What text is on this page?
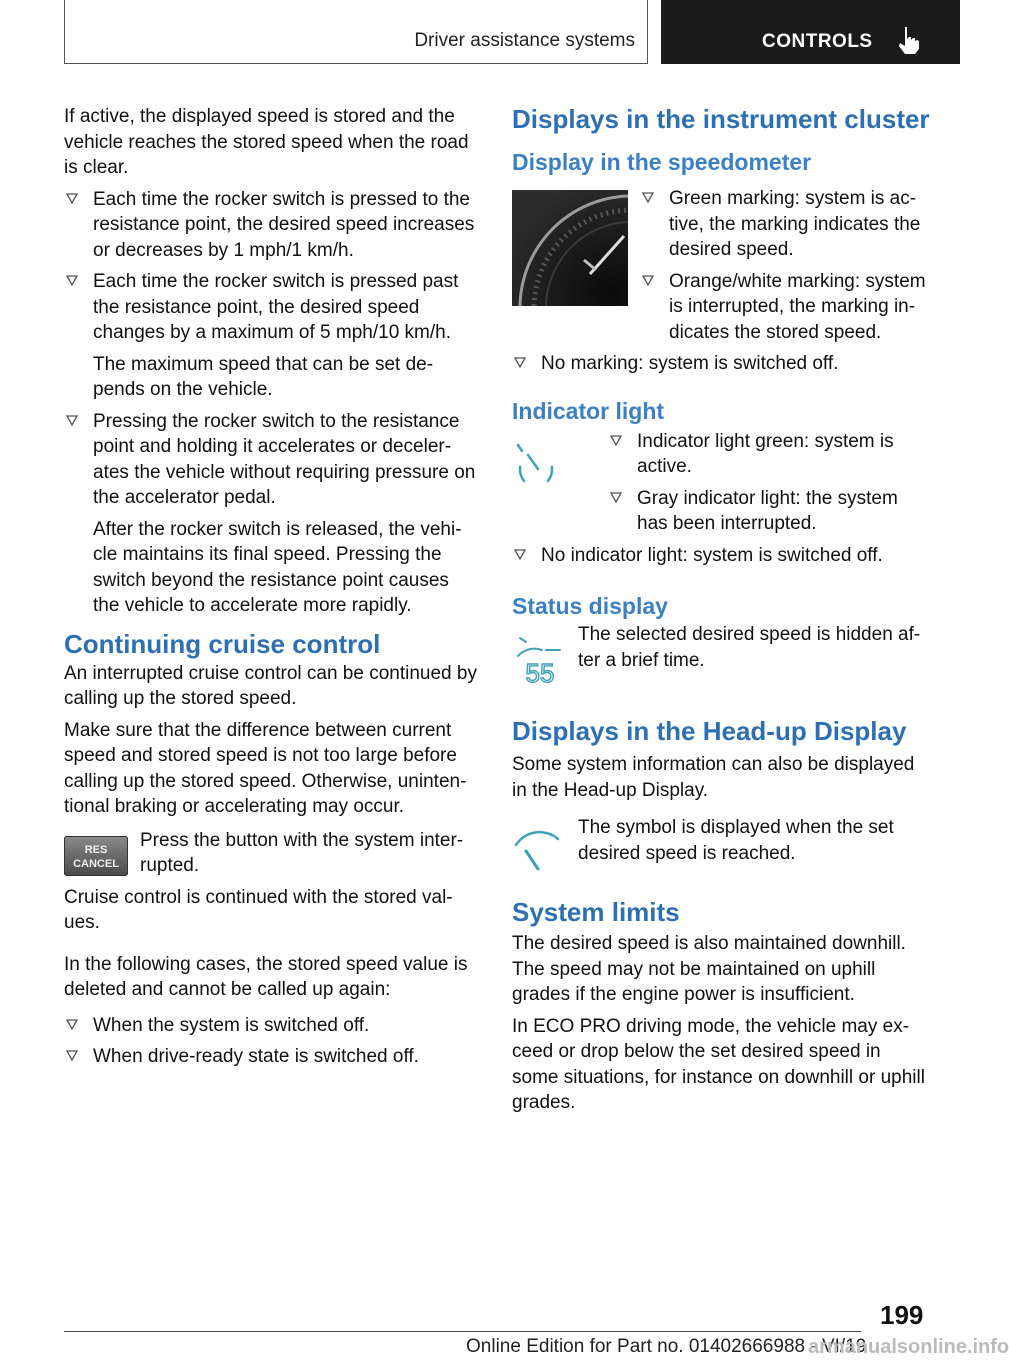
Driver assistance systems	CONTROLS

If active, the displayed speed is stored and the vehicle reaches the stored speed when the road is clear.

Each time the rocker switch is pressed to the resistance point, the desired speed increases or decreases by 1 mph/1 km/h.
Each time the rocker switch is pressed past the resistance point, the desired speed changes by a maximum of 5 mph/10 km/h.
The maximum speed that can be set de‐pends on the vehicle.
Pressing the rocker switch to the resistance point and holding it accelerates or deceler‐ates the vehicle without requiring pressure on the accelerator pedal.
After the rocker switch is released, the vehi‐cle maintains its final speed. Pressing the switch beyond the resistance point causes the vehicle to accelerate more rapidly.
Continuing cruise control

An interrupted cruise control can be continued by calling up the stored speed.

Make sure that the difference between current speed and stored speed is not too large before calling up the stored speed. Otherwise, uninten‐tional braking or accelerating may occur.

RES
CANCEL

Press the button with the system inter‐rupted.

Cruise control is continued with the stored val‐ues.

In the following cases, the stored speed value is deleted and cannot be called up again:

When the system is switched off.
When drive-ready state is switched off.
Displays in the instrument cluster
Display in the speedometer
Green marking: system is ac‐tive, the marking indicates the desired speed.
Orange/white marking: system is interrupted, the marking in‐dicates the stored speed.
No marking: system is switched off.
Indicator light
Indicator light green: system is active.
Gray indicator light: the system has been interrupted.
No indicator light: system is switched off.
Status display
55

The selected desired speed is hidden af‐ter a brief time.

Displays in the Head-up Display

Some system information can also be displayed in the Head-up Display.

The symbol is displayed when the set desired speed is reached.

System limits

The desired speed is also maintained downhill. The speed may not be maintained on uphill grades if the engine power is insufficient.

In ECO PRO driving mode, the vehicle may ex‐ceed or drop below the set desired speed in some situations, for instance on downhill or uphill grades.

199
Online Edition for Part no. 01402666988 - VI/19
armanualsonline.info
